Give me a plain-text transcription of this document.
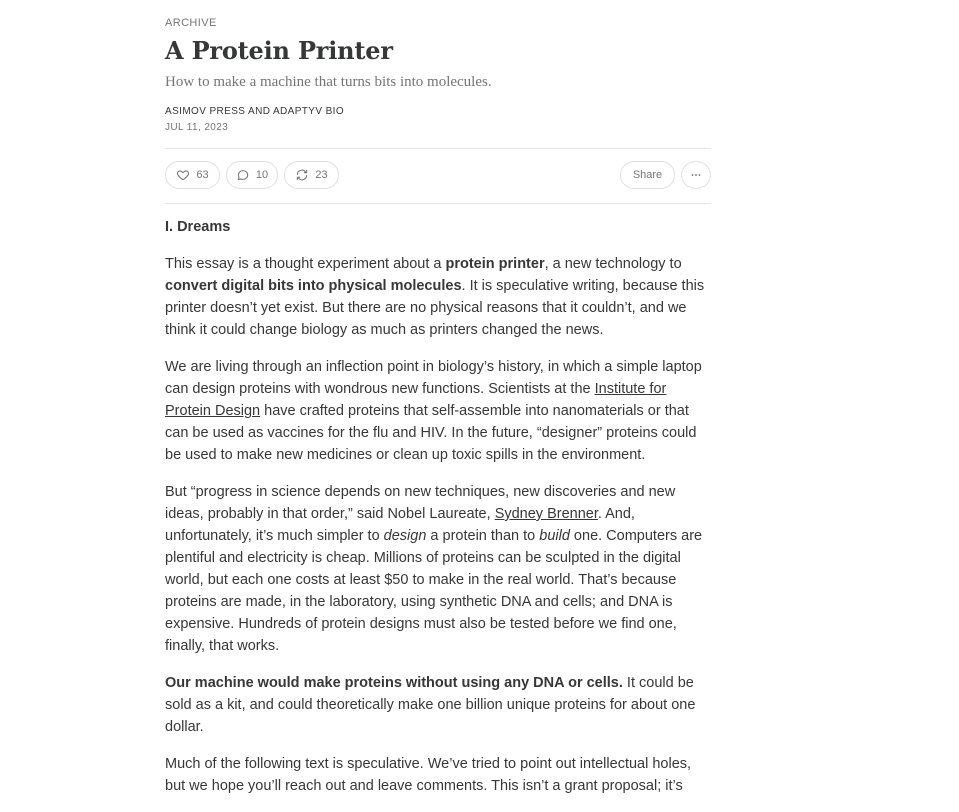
ARCHIVE
A Protein Printer

How to make a machine that turns bits into molecules.

ASIMOV PRESS AND ADAPTYV BIO
JUL 11, 2023
63	10	23	Share
I. Dreams

This essay is a thought experiment about a protein printer, a new technology to convert digital bits into physical molecules. It is speculative writing, because this printer doesn’t yet exist. But there are no physical reasons that it couldn’t, and we think it could change biology as much as printers changed the news.

We are living through an inflection point in biology’s history, in which a simple laptop can design proteins with wondrous new functions. Scientists at the Institute for Protein Design have crafted proteins that self-assemble into nanomaterials or that can be used as vaccines for the flu and HIV. In the future, “designer” proteins could be used to make new medicines or clean up toxic spills in the environment.

But “progress in science depends on new techniques, new discoveries and new ideas, probably in that order,” said Nobel Laureate, Sydney Brenner. And, unfortunately, it’s much simpler to design a protein than to build one. Computers are plentiful and electricity is cheap. Millions of proteins can be sculpted in the digital world, but each one costs at least $50 to make in the real world. That’s because proteins are made, in the laboratory, using synthetic DNA and cells; and DNA is expensive. Hundreds of protein designs must also be tested before we find one, finally, that works.

Our machine would make proteins without using any DNA or cells. It could be sold as a kit, and could theoretically make one billion unique proteins for about one dollar.

Much of the following text is speculative. We’ve tried to point out intellectual holes, but we hope you’ll reach out and leave comments. This isn’t a grant proposal; it’s
